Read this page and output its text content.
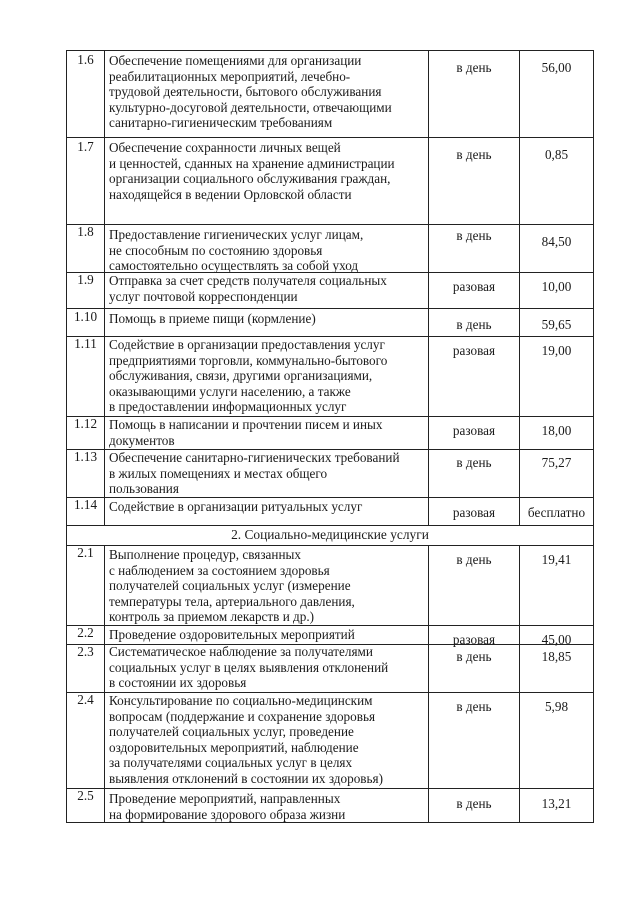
1.6	Обеспечение помещениями для организации
реабилитационных мероприятий, лечебно-
трудовой деятельности, бытового обслуживания
культурно-досуговой деятельности, отвечающими
санитарно-гигиеническим требованиям
в день	56,00
1.7	Обеспечение сохранности личных вещей
и ценностей, сданных на хранение администрации
организации социального обслуживания граждан,
находящейся в ведении Орловской области
в день	0,85
1.8	Предоставление гигиенических услуг лицам,
не способным по состоянию здоровья
самостоятельно осуществлять за собой уход
в день	84,50
1.9	Отправка за счет средств получателя социальных
услуг почтовой корреспонденции
разовая	10,00
1.10 Помощь в приеме пищи (кормление)	в день	59,65
1.11 Содействие в организации предоставления услуг
предприятиями торговли, коммунально-бытового
обслуживания, связи, другими организациями,
оказывающими услуги населению, а также
в предоставлении информационных услуг
разовая	19,00
1.12 Помощь в написании и прочтении писем и иных
документов
разовая	18,00
1.13 Обеспечение санитарно-гигиенических требований
в жилых помещениях и местах общего
пользования
в день	75,27
1.14 Содействие в организации ритуальных услуг	разовая	бесплатно
2. Социально-медицинские услуги
2.1	Выполнение процедур, связанных
с наблюдением за состоянием здоровья
получателей социальных услуг (измерение
температуры тела, артериального давления,
контроль за приемом лекарств и др.)
в день	19,41
2.2	Проведение оздоровительных мероприятий	разовая	45,00
2.3	Систематическое наблюдение за получателями
социальных услуг в целях выявления отклонений
в состоянии их здоровья
в день	18,85
2.4	Консультирование по социально-медицинским
вопросам (поддержание и сохранение здоровья
получателей социальных услуг, проведение
оздоровительных мероприятий, наблюдение
за получателями социальных услуг в целях
выявления отклонений в состоянии их здоровья)
в день	5,98
2.5	Проведение мероприятий, направленных
на формирование здорового образа жизни
в день	13,21
